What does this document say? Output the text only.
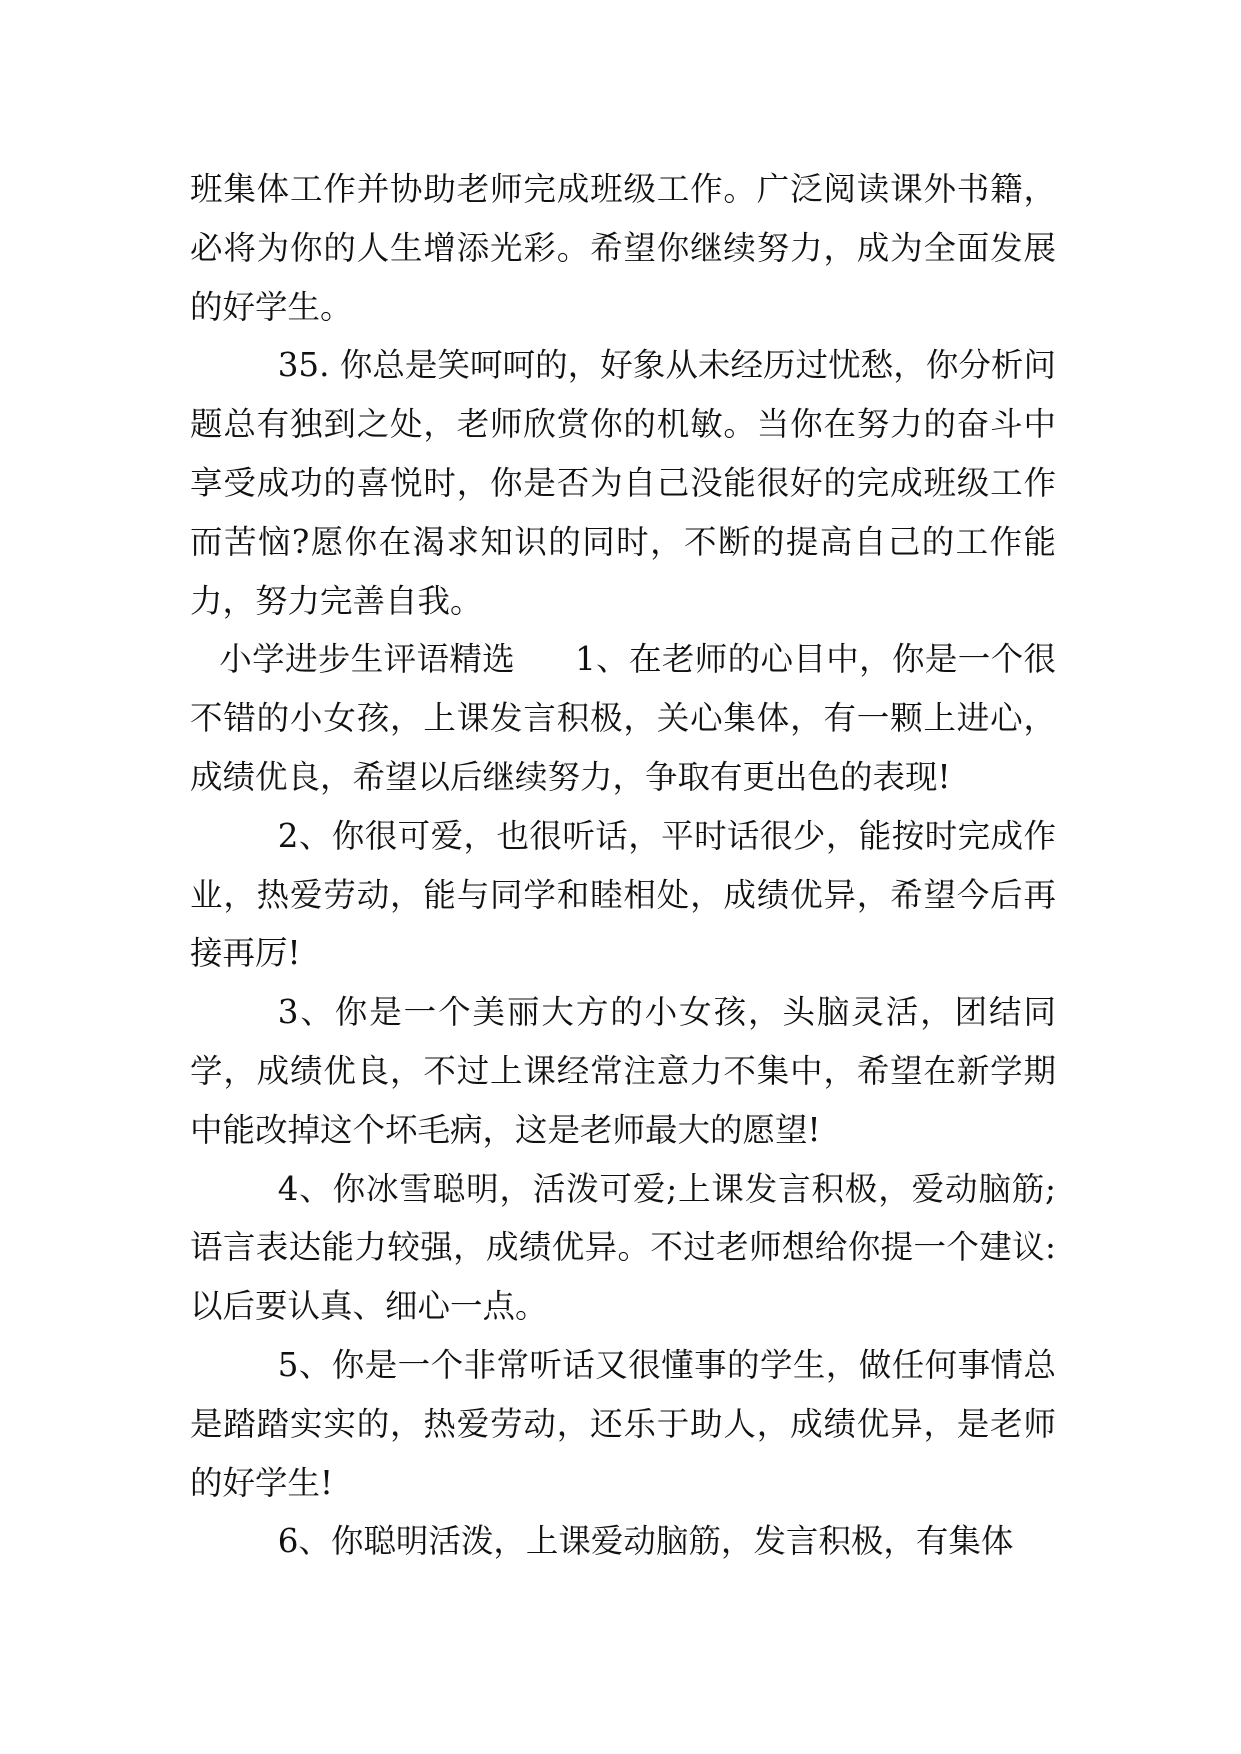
班集体工作并协助老师完成班级工作。广泛阅读课外书籍，必将为你的人生增添光彩。希望你继续努力，成为全面发展的好学生。

35. 你总是笑呵呵的，好象从未经历过忧愁，你分析问题总有独到之处，老师欣赏你的机敏。当你在努力的奋斗中享受成功的喜悦时，你是否为自己没能很好的完成班级工作而苦恼?愿你在渴求知识的同时，不断的提高自己的工作能力，努力完善自我。

小学进步生评语精选 1、在老师的心目中，你是一个很不错的小女孩，上课发言积极，关心集体，有一颗上进心，成绩优良，希望以后继续努力，争取有更出色的表现!

2、你很可爱，也很听话，平时话很少，能按时完成作业，热爱劳动，能与同学和睦相处，成绩优异，希望今后再接再厉!

3、你是一个美丽大方的小女孩，头脑灵活，团结同学，成绩优良，不过上课经常注意力不集中，希望在新学期中能改掉这个坏毛病，这是老师最大的愿望!

4、你冰雪聪明，活泼可爱;上课发言积极，爱动脑筋;语言表达能力较强，成绩优异。不过老师想给你提一个建议:以后要认真、细心一点。

5、你是一个非常听话又很懂事的学生，做任何事情总是踏踏实实的，热爱劳动，还乐于助人，成绩优异，是老师的好学生!

6、你聪明活泼，上课爱动脑筋，发言积极，有集体
